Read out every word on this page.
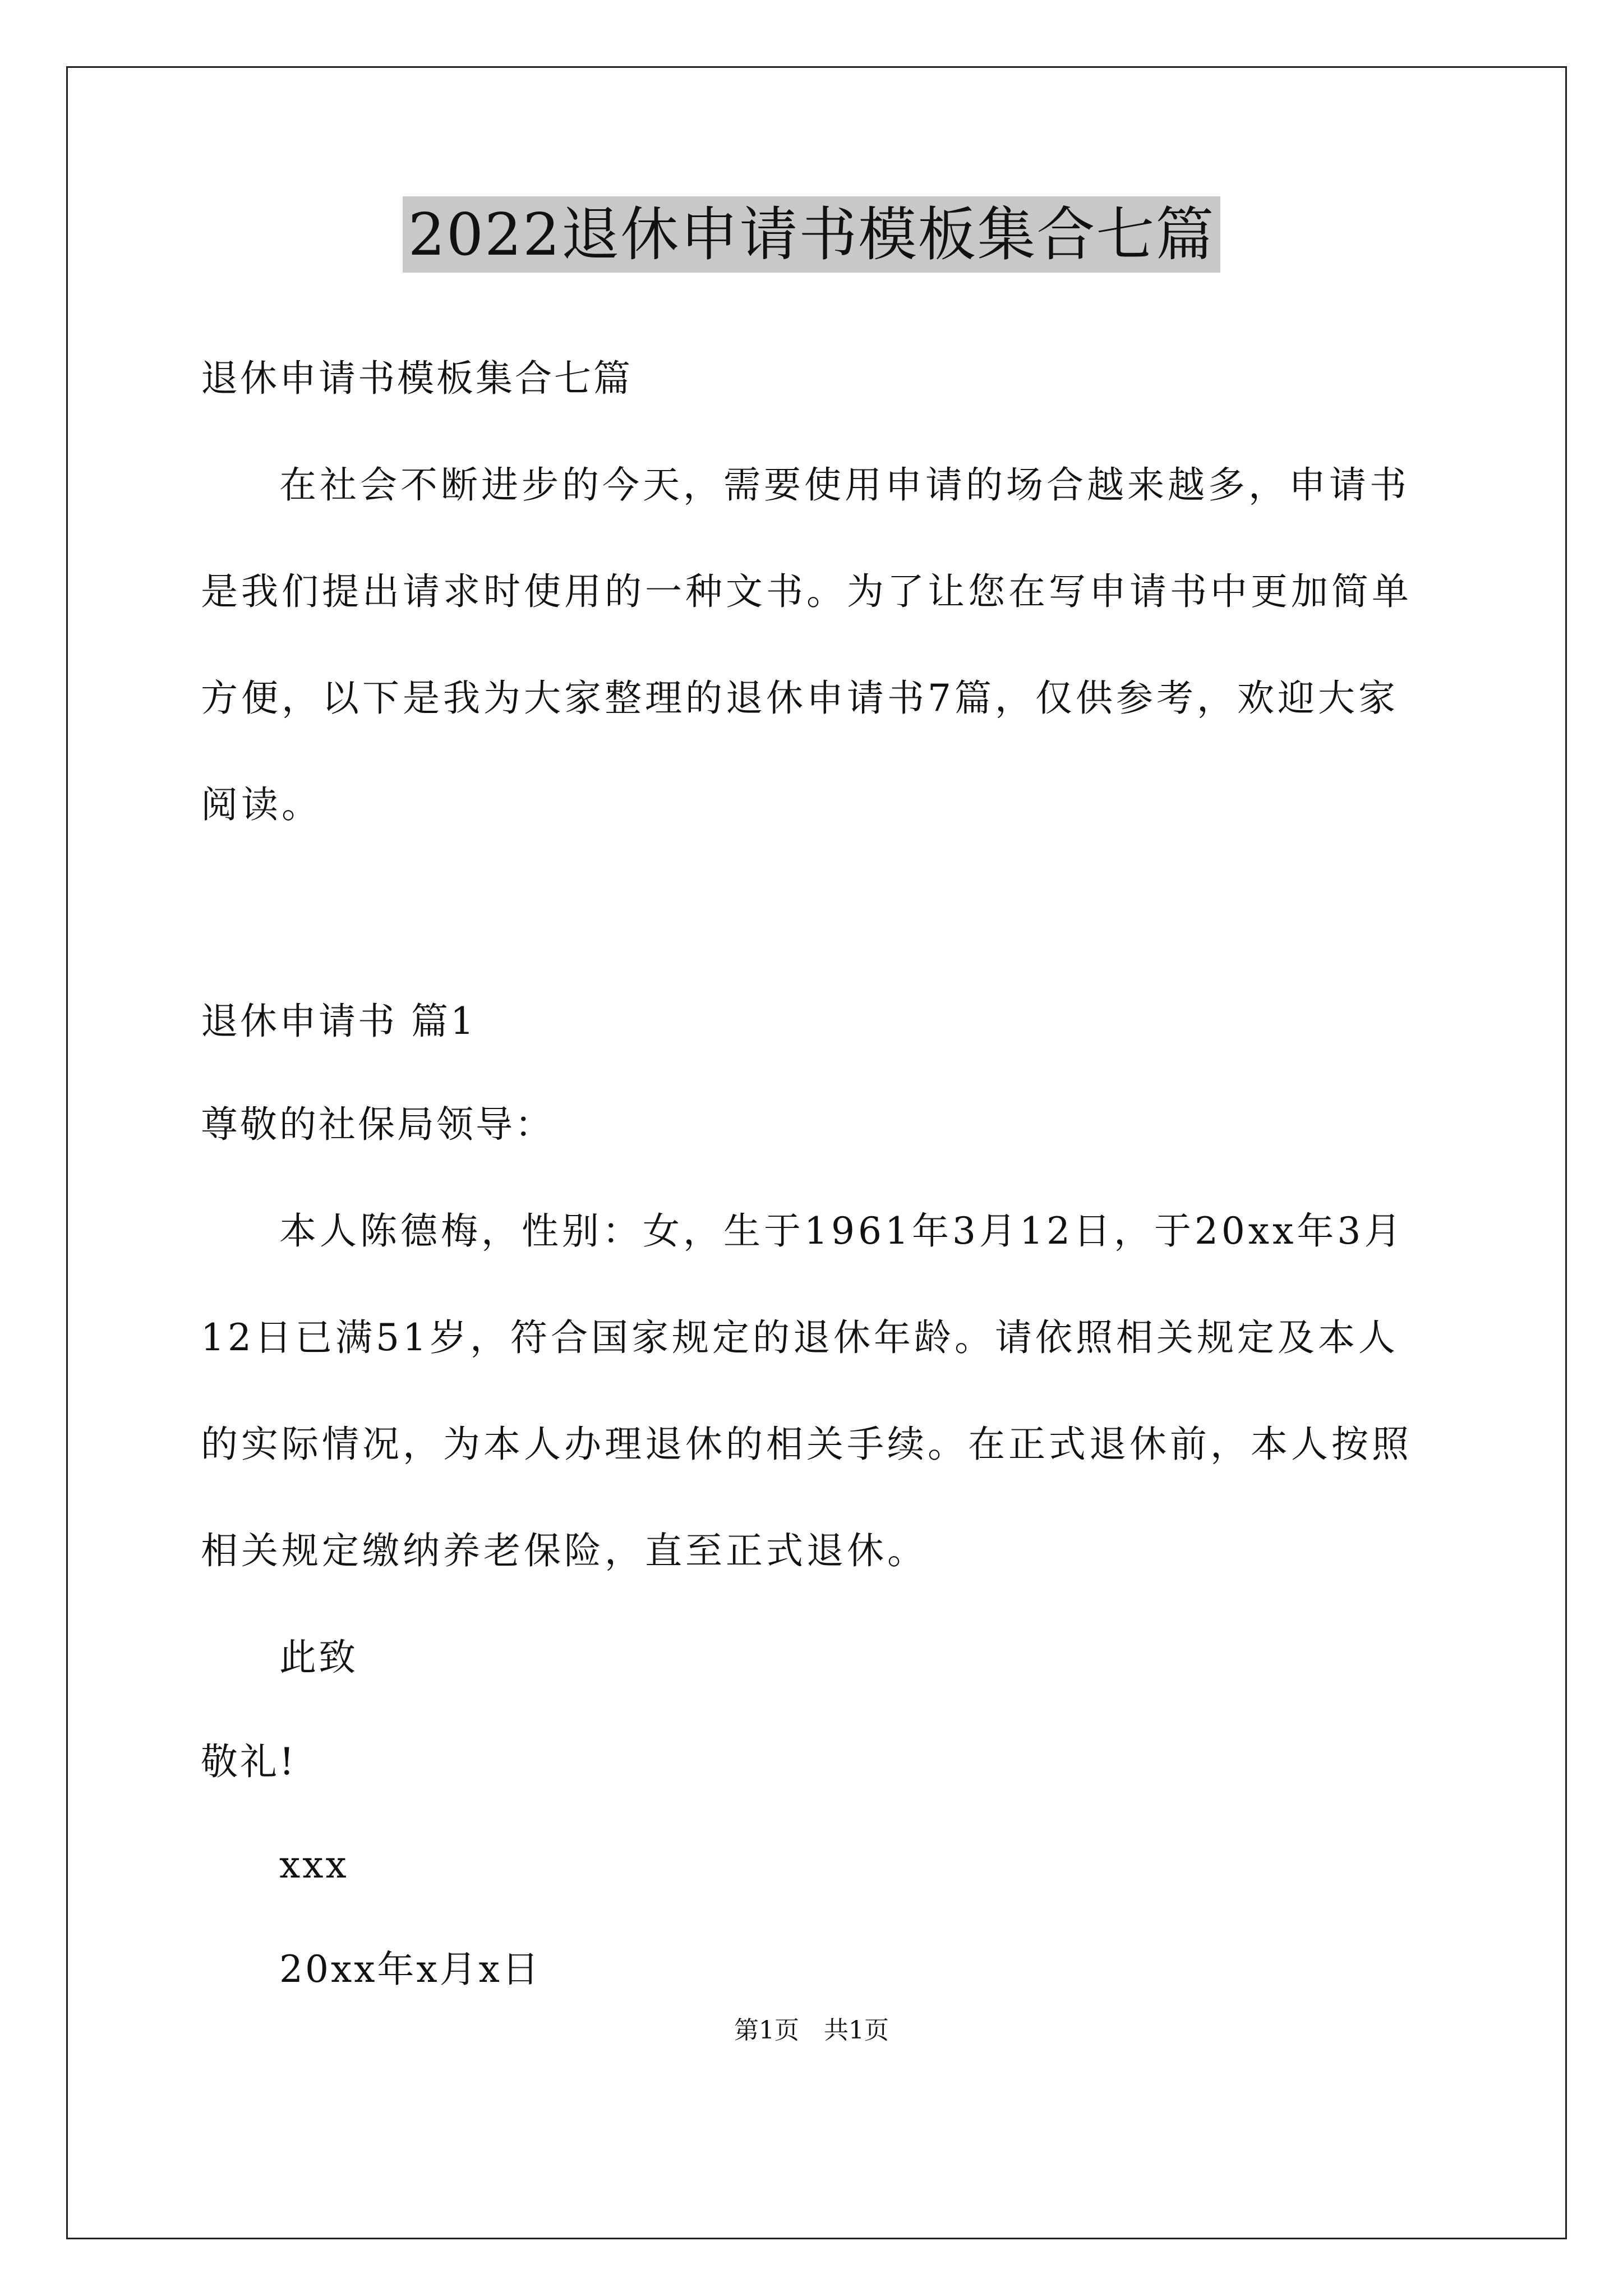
2022退休申请书模板集合七篇
退休申请书模板集合七篇
在社会不断进步的今天，需要使用申请的场合越来越多，申请书是我们提出请求时使用的一种文书。为了让您在写申请书中更加简单方便，以下是我为大家整理的退休申请书7篇，仅供参考，欢迎大家阅读。
退休申请书 篇1
尊敬的社保局领导：
本人陈德梅，性别：女，生于1961年3月12日，于20xx年3月12日已满51岁，符合国家规定的退休年龄。请依照相关规定及本人的实际情况，为本人办理退休的相关手续。在正式退休前，本人按照相关规定缴纳养老保险，直至正式退休。
此致
敬礼!
xxx
20xx年x月x日
第1页　共1页
